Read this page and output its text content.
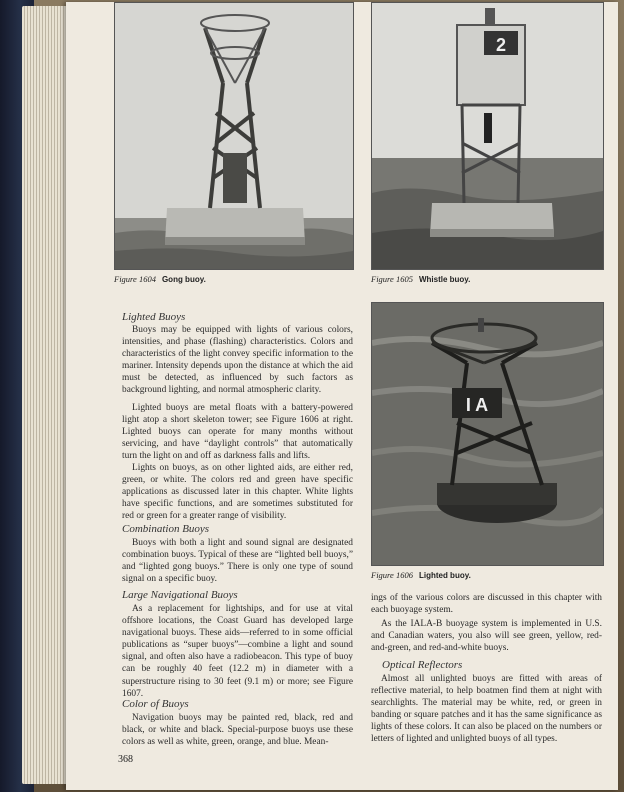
2
Figure 1604 Gong buoy.	Figure 1605 Whistle buoy.
I A
Figure 1606 Lighted buoy.
Lighted Buoys

Buoys may be equipped with lights of various colors, intensities, and phase (flashing) characteristics. Colors and characteristics of the light convey specific information to the mariner. Intensity depends upon the distance at which the aid must be detected, as influenced by such factors as background lighting, and normal atmospheric clarity.

Lighted buoys are metal floats with a battery-powered light atop a short skeleton tower; see Figure 1606 at right. Lighted buoys can operate for many months without servicing, and have “daylight controls” that automatically turn the light on and off as darkness falls and lifts.

Lights on buoys, as on other lighted aids, are either red, green, or white. The colors red and green have specific applications as discussed later in this chapter. White lights have specific functions, and are sometimes substituted for red or green for a greater range of visibility.

Combination Buoys

Buoys with both a light and sound signal are designated combination buoys. Typical of these are “lighted bell buoys,” and “lighted gong buoys.” There is only one type of sound signal on a specific buoy.

Large Navigational Buoys

As a replacement for lightships, and for use at vital offshore locations, the Coast Guard has developed large navigational buoys. These aids—referred to in some official publications as “super buoys”—combine a light and sound signal, and often also have a radiobeacon. This type of buoy can be roughly 40 feet (12.2 m) in diameter with a superstructure rising to 30 feet (9.1 m) or more; see Figure 1607.

Color of Buoys

Navigation buoys may be painted red, black, red and black, or white and black. Special-purpose buoys use these colors as well as white, green, orange, and blue. Mean-

ings of the various colors are discussed in this chapter with each buoyage system.

As the IALA-B buoyage system is implemented in U.S. and Canadian waters, you also will see green, yellow, red-and-green, and red-and-white buoys.

Optical Reflectors

Almost all unlighted buoys are fitted with areas of reflective material, to help boatmen find them at night with searchlights. The material may be white, red, or green in banding or square patches and it has the same significance as lights of these colors. It can also be placed on the numbers or letters of lighted and unlighted buoys of all types.

368
